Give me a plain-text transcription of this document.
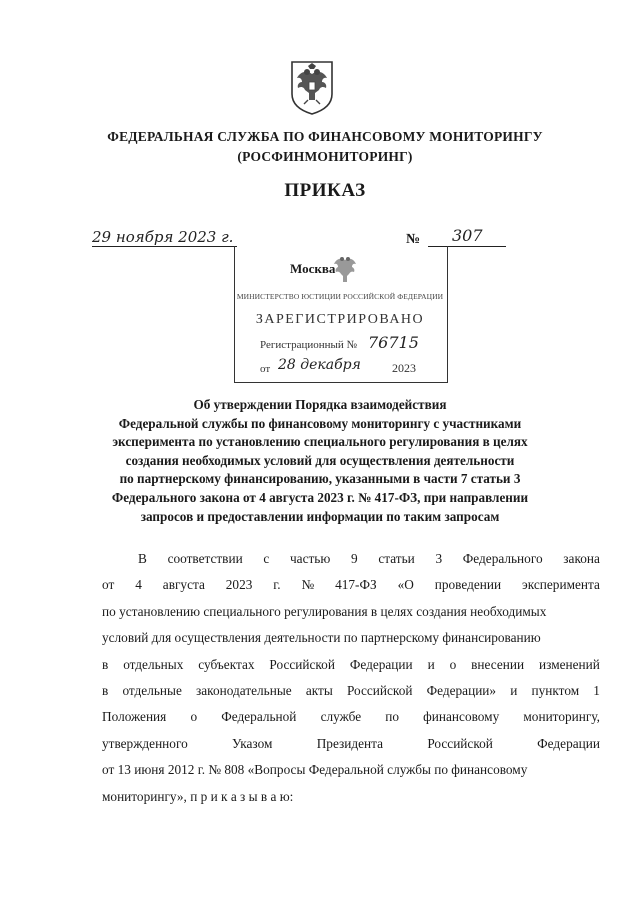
ФЕДЕРАЛЬНАЯ СЛУЖБА ПО ФИНАНСОВОМУ МОНИТОРИНГУ
(РОСФИНМОНИТОРИНГ)
ПРИКАЗ
29 ноября 2023 г.	№ 307
Москва
МИНИСТЕРСТВО ЮСТИЦИИ РОССИЙСКОЙ ФЕДЕРАЦИИ
ЗАРЕГИСТРИРОВАНО
Регистрационный № 76715
от 28 декабря	2023
Об утверждении Порядка взаимодействия
Федеральной службы по финансовому мониторингу с участниками
эксперимента по установлению специального регулирования в целях
создания необходимых условий для осуществления деятельности
по партнерскому финансированию, указанными в части 7 статьи 3
Федерального закона от 4 августа 2023 г. № 417-ФЗ, при направлении
запросов и предоставлении информации по таким запросам
В соответствии с частью 9 статьи 3 Федерального закона
от 4 августа 2023 г. № 417-ФЗ «О проведении эксперимента
по установлению специального регулирования в целях создания необходимых
условий для осуществления деятельности по партнерскому финансированию
в отдельных субъектах Российской Федерации и о внесении изменений
в отдельные законодательные акты Российской Федерации» и пунктом 1
Положения о Федеральной службе по финансовому мониторингу,
утвержденного	Указом	Президента	Российской	Федерации
от 13 июня 2012 г. № 808 «Вопросы Федеральной службы по финансовому
мониторингу», п р и к а з ы в а ю:
